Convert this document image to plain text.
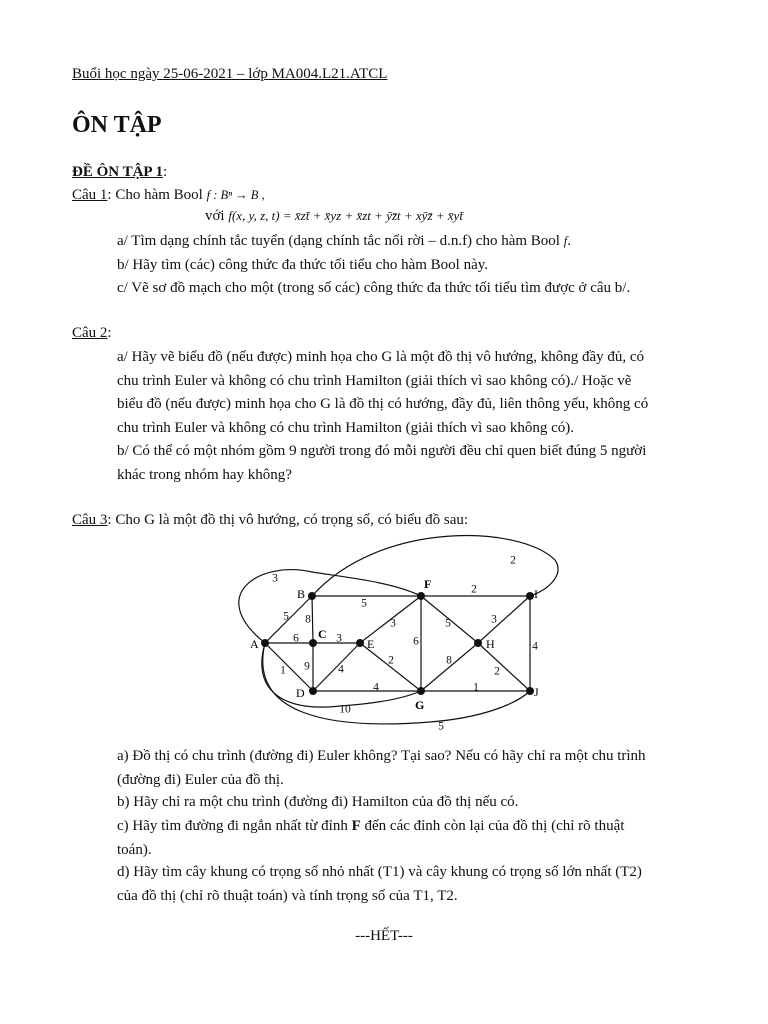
Buổi học ngày 25-06-2021 – lớp MA004.L21.ATCL
ÔN TẬP
ĐỀ ÔN TẬP 1:
Câu 1: Cho hàm Bool f : Bⁿ → B ,
với f(x, y, z, t) = x̄zt̄ + x̄yz + x̄zt + ȳz̄t + xȳz̄ + x̄yt̄
a/ Tìm dạng chính tắc tuyển (dạng chính tắc nối rời – d.n.f) cho hàm Bool f.
b/ Hãy tìm (các) công thức đa thức tối tiểu cho hàm Bool này.
c/ Vẽ sơ đồ mạch cho một (trong số các) công thức đa thức tối tiểu tìm được ở câu b/.
Câu 2:
a/ Hãy vẽ biểu đồ (nếu được) minh họa cho G là một đồ thị vô hướng, không đầy đủ, có
chu trình Euler và không có chu trình Hamilton (giải thích vì sao không có)./ Hoặc vẽ
biểu đồ (nếu được) minh họa cho G là đồ thị có hướng, đầy đủ, liên thông yếu, không có
chu trình Euler và không có chu trình Hamilton (giải thích vì sao không có).
b/ Có thể có một nhóm gồm 9 người trong đó mỗi người đều chỉ quen biết đúng 5 người
khác trong nhóm hay không?
Câu 3: Cho G là một đồ thị vô hướng, có trọng số, có biểu đồ sau:
A
B
C
D
E
F
G
H
I
J
5
6
1
8
5
9
3
4
4
3
2
6
5
2
8
1
3
2
4
3
10
5
2
a) Đồ thị có chu trình (đường đi) Euler không? Tại sao? Nếu có hãy chỉ ra một chu trình
(đường đi) Euler của đồ thị.
b) Hãy chỉ ra một chu trình (đường đi) Hamilton của đồ thị nếu có.
c) Hãy tìm đường đi ngắn nhất từ đỉnh F đến các đỉnh còn lại của đồ thị (chỉ rõ thuật
toán).
d) Hãy tìm cây khung có trọng số nhỏ nhất (T1) và cây khung có trọng số lớn nhất (T2)
của đồ thị (chỉ rõ thuật toán) và tính trọng số của T1, T2.
---HẾT---
